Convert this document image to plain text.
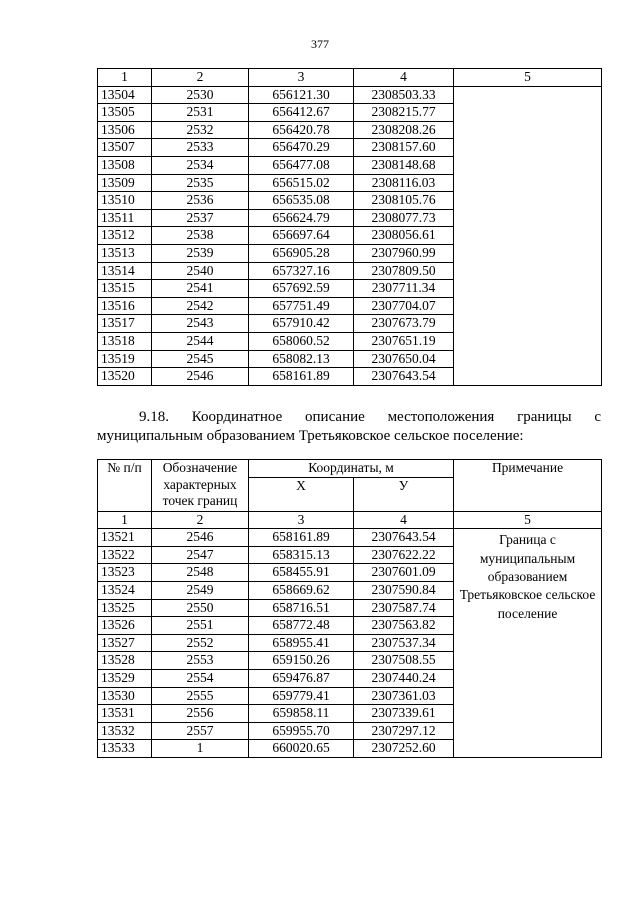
377
1	2	3	4	5
13504	2530	656121.30	2308503.33	
13505	2531	656412.67	2308215.77	
13506	2532	656420.78	2308208.26	
13507	2533	656470.29	2308157.60	
13508	2534	656477.08	2308148.68	
13509	2535	656515.02	2308116.03	
13510	2536	656535.08	2308105.76	
13511	2537	656624.79	2308077.73	
13512	2538	656697.64	2308056.61	
13513	2539	656905.28	2307960.99	
13514	2540	657327.16	2307809.50	
13515	2541	657692.59	2307711.34	
13516	2542	657751.49	2307704.07	
13517	2543	657910.42	2307673.79	
13518	2544	658060.52	2307651.19	
13519	2545	658082.13	2307650.04	
13520	2546	658161.89	2307643.54	
9.18. Координатное описание местоположения границы с
муниципальным образованием Третьяковское сельское поселение:
№ п/п	Обозначение характерных точек границ	Координаты, м		Примечание
		Х	У	
1	2	3	4	5
13521	2546	658161.89	2307643.54	Граница с муниципальным образованием Третьяковское сельское поселение
13522	2547	658315.13	2307622.22	
13523	2548	658455.91	2307601.09	
13524	2549	658669.62	2307590.84	
13525	2550	658716.51	2307587.74	
13526	2551	658772.48	2307563.82	
13527	2552	658955.41	2307537.34	
13528	2553	659150.26	2307508.55	
13529	2554	659476.87	2307440.24	
13530	2555	659779.41	2307361.03	
13531	2556	659858.11	2307339.61	
13532	2557	659955.70	2307297.12	
13533	1	660020.65	2307252.60	
